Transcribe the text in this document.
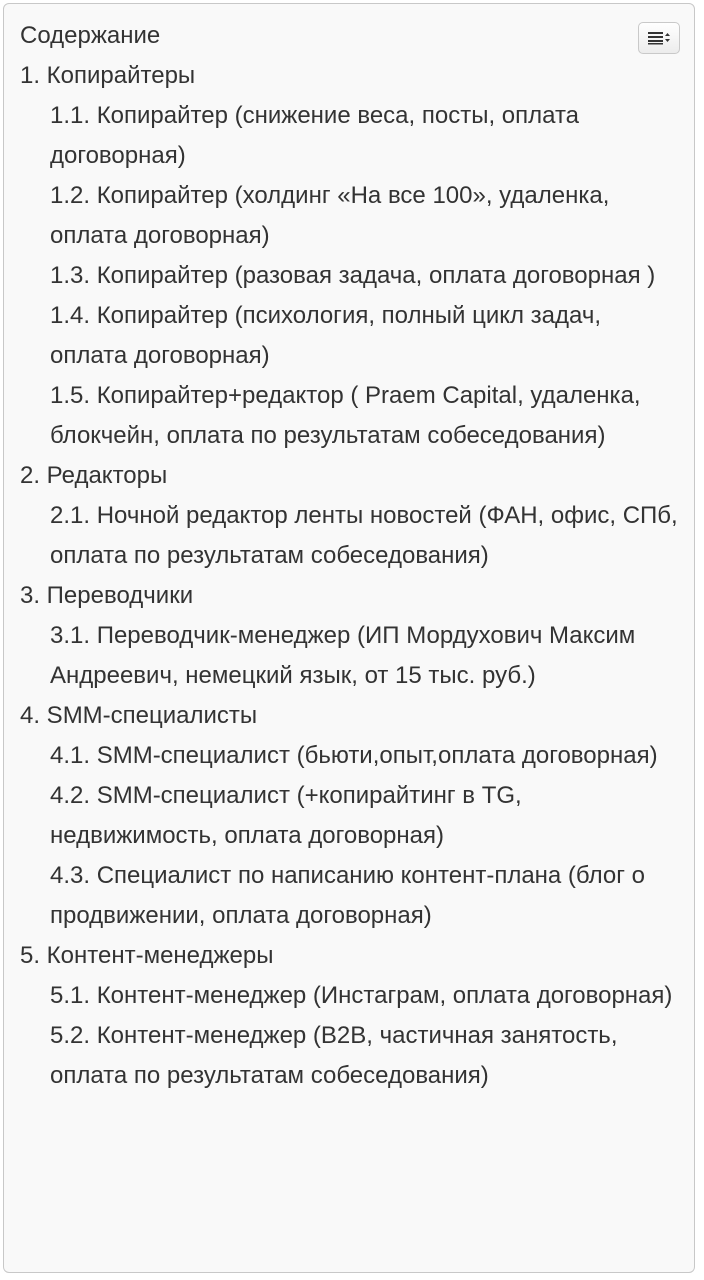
Содержание

1. Копирайтеры
1.1. Копирайтер (снижение веса, посты, оплата договорная)
1.2. Копирайтер (холдинг «На все 100», удаленка, оплата договорная)
1.3. Копирайтер (разовая задача, оплата договорная )
1.4. Копирайтер (психология, полный цикл задач, оплата договорная)
1.5. Копирайтер+редактор ( Praem Capital, удаленка, блокчейн, оплата по результатам собеседования)
2. Редакторы
2.1. Ночной редактор ленты новостей (ФАН, офис, СПб, оплата по результатам собеседования)
3. Переводчики
3.1. Переводчик-менеджер (ИП Мордухович Максим Андреевич, немецкий язык, от 15 тыс. руб.)
4. SMM-специалисты
4.1. SMM-специалист (бьюти,опыт,оплата договорная)
4.2. SMM-специалист (+копирайтинг в TG, недвижимость, оплата договорная)
4.3. Специалист по написанию контент-плана (блог о продвижении, оплата договорная)
5. Контент-менеджеры
5.1. Контент-менеджер (Инстаграм, оплата договорная)
5.2. Контент-менеджер (B2B, частичная занятость, оплата по результатам собеседования)
